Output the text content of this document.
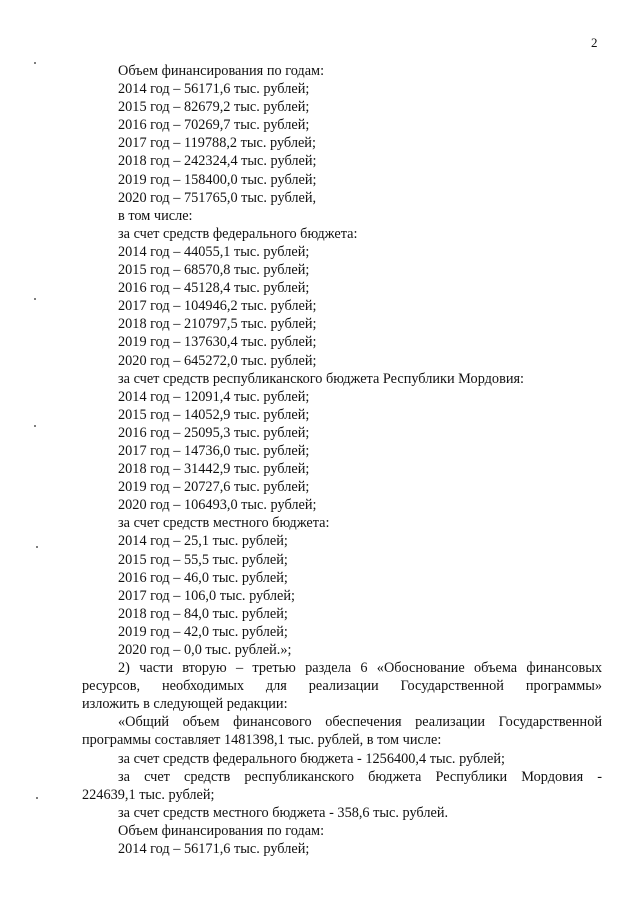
2
Объем финансирования по годам:
2014 год – 56171,6 тыс. рублей;
2015 год – 82679,2 тыс. рублей;
2016 год – 70269,7 тыс. рублей;
2017 год – 119788,2 тыс. рублей;
2018 год – 242324,4 тыс. рублей;
2019 год – 158400,0 тыс. рублей;
2020 год – 751765,0 тыс. рублей,
в том числе:
за счет средств федерального бюджета:
2014 год – 44055,1 тыс. рублей;
2015 год – 68570,8 тыс. рублей;
2016 год – 45128,4 тыс. рублей;
2017 год – 104946,2 тыс. рублей;
2018 год – 210797,5 тыс. рублей;
2019 год – 137630,4 тыс. рублей;
2020 год – 645272,0 тыс. рублей;
за счет средств республиканского бюджета Республики Мордовия:
2014 год – 12091,4 тыс. рублей;
2015 год – 14052,9 тыс. рублей;
2016 год – 25095,3 тыс. рублей;
2017 год – 14736,0 тыс. рублей;
2018 год – 31442,9 тыс. рублей;
2019 год – 20727,6 тыс. рублей;
2020 год – 106493,0 тыс. рублей;
за счет средств местного бюджета:
2014 год – 25,1 тыс. рублей;
2015 год – 55,5 тыс. рублей;
2016 год – 46,0 тыс. рублей;
2017 год – 106,0 тыс. рублей;
2018 год – 84,0 тыс. рублей;
2019 год – 42,0 тыс. рублей;
2020 год – 0,0 тыс. рублей.»;
2) части вторую – третью раздела 6 «Обоснование объема финансовых
ресурсов, необходимых для реализации Государственной программы»
изложить в следующей редакции:
«Общий объем финансового обеспечения реализации Государственной
программы составляет 1481398,1 тыс. рублей, в том числе:
за счет средств федерального бюджета - 1256400,4 тыс. рублей;
за счет средств республиканского бюджета Республики Мордовия -
224639,1 тыс. рублей;
за счет средств местного бюджета - 358,6 тыс. рублей.
Объем финансирования по годам:
2014 год – 56171,6 тыс. рублей;
